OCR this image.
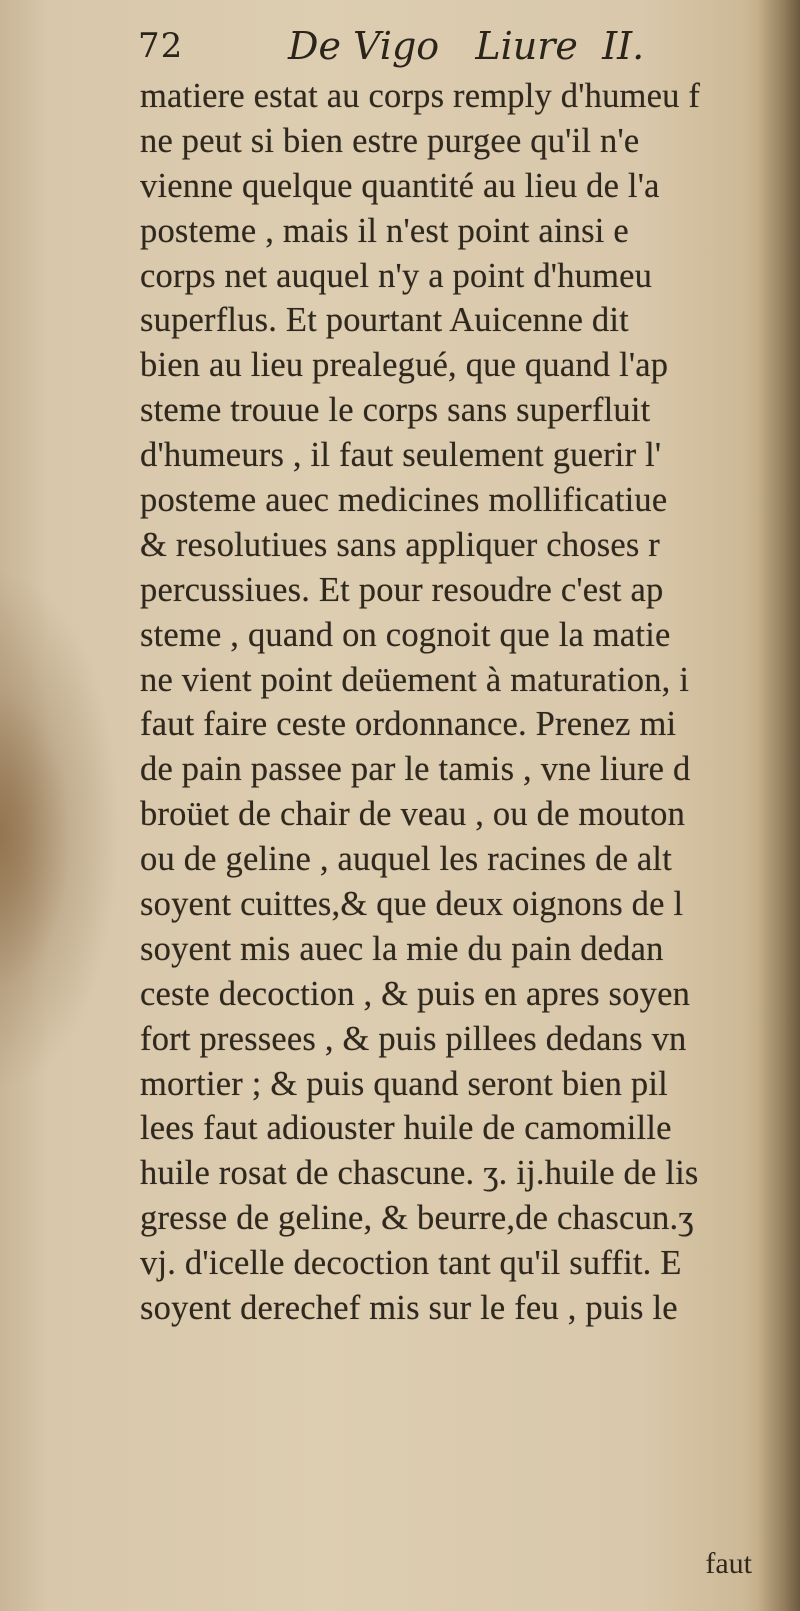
72	De Vigo   Liure  II.
matiere estat au corps remply d'humeu f
ne peut si bien estre purgee qu'il n'e
vienne quelque quantité au lieu de l'a
posteme , mais il n'est point ainsi e
corps net auquel n'y a point d'humeu
superflus. Et pourtant Auicenne dit
bien au lieu prealegué, que quand l'ap
steme trouue le corps sans superfluit
d'humeurs , il faut seulement guerir l'
posteme auec medicines mollificatiue
& resolutiues sans appliquer choses r
percussiues. Et pour resoudre c'est ap
steme , quand on cognoit que la matie
ne vient point deüement à maturation, i
faut faire ceste ordonnance. Prenez mi
de pain passee par le tamis , vne liure d
broüet de chair de veau , ou de mouton
ou de geline , auquel les racines de alt
soyent cuittes,& que deux oignons de l
soyent mis auec la mie du pain dedan
ceste decoction , & puis en apres soyen
fort pressees , & puis pillees dedans vn
mortier ; & puis quand seront bien pil
lees faut adiouster huile de camomille
huile rosat de chascune. ʒ. ij.huile de lis
gresse de geline, & beurre,de chascun.ʒ
vj. d'icelle decoction tant qu'il suffit. E
soyent derechef mis sur le feu , puis le
faut
